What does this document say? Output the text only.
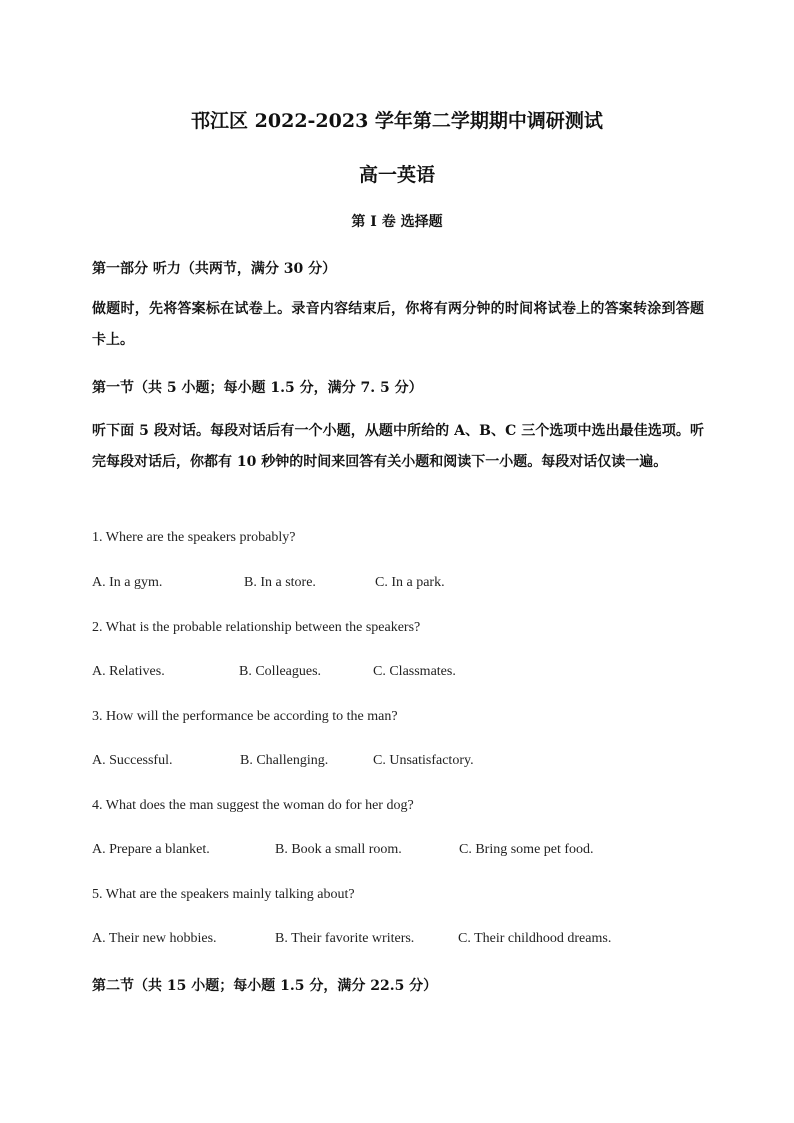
邗江区 2022-2023 学年第二学期期中调研测试
高一英语
第 I 卷 选择题
第一部分 听力（共两节，满分 30 分）
做题时，先将答案标在试卷上。录音内容结束后，你将有两分钟的时间将试卷上的答案转涂到答题卡上。
第一节（共 5 小题；每小题 1.5 分，满分 7. 5 分）
听下面 5 段对话。每段对话后有一个小题，从题中所给的 A、B、C 三个选项中选出最佳选项。听完每段对话后，你都有 10 秒钟的时间来回答有关小题和阅读下一小题。每段对话仅读一遍。
1. Where are the speakers probably?
A. In a gym.	B. In a store.	C. In a park.
2. What is the probable relationship between the speakers?
A. Relatives.	B. Colleagues.	C. Classmates.
3. How will the performance be according to the man?
A. Successful.	B. Challenging.	C. Unsatisfactory.
4. What does the man suggest the woman do for her dog?
A. Prepare a blanket.	B. Book a small room.	C. Bring some pet food.
5. What are the speakers mainly talking about?
A. Their new hobbies.	B. Their favorite writers.	C. Their childhood dreams.
第二节（共 15 小题；每小题 1.5 分，满分 22.5 分）
